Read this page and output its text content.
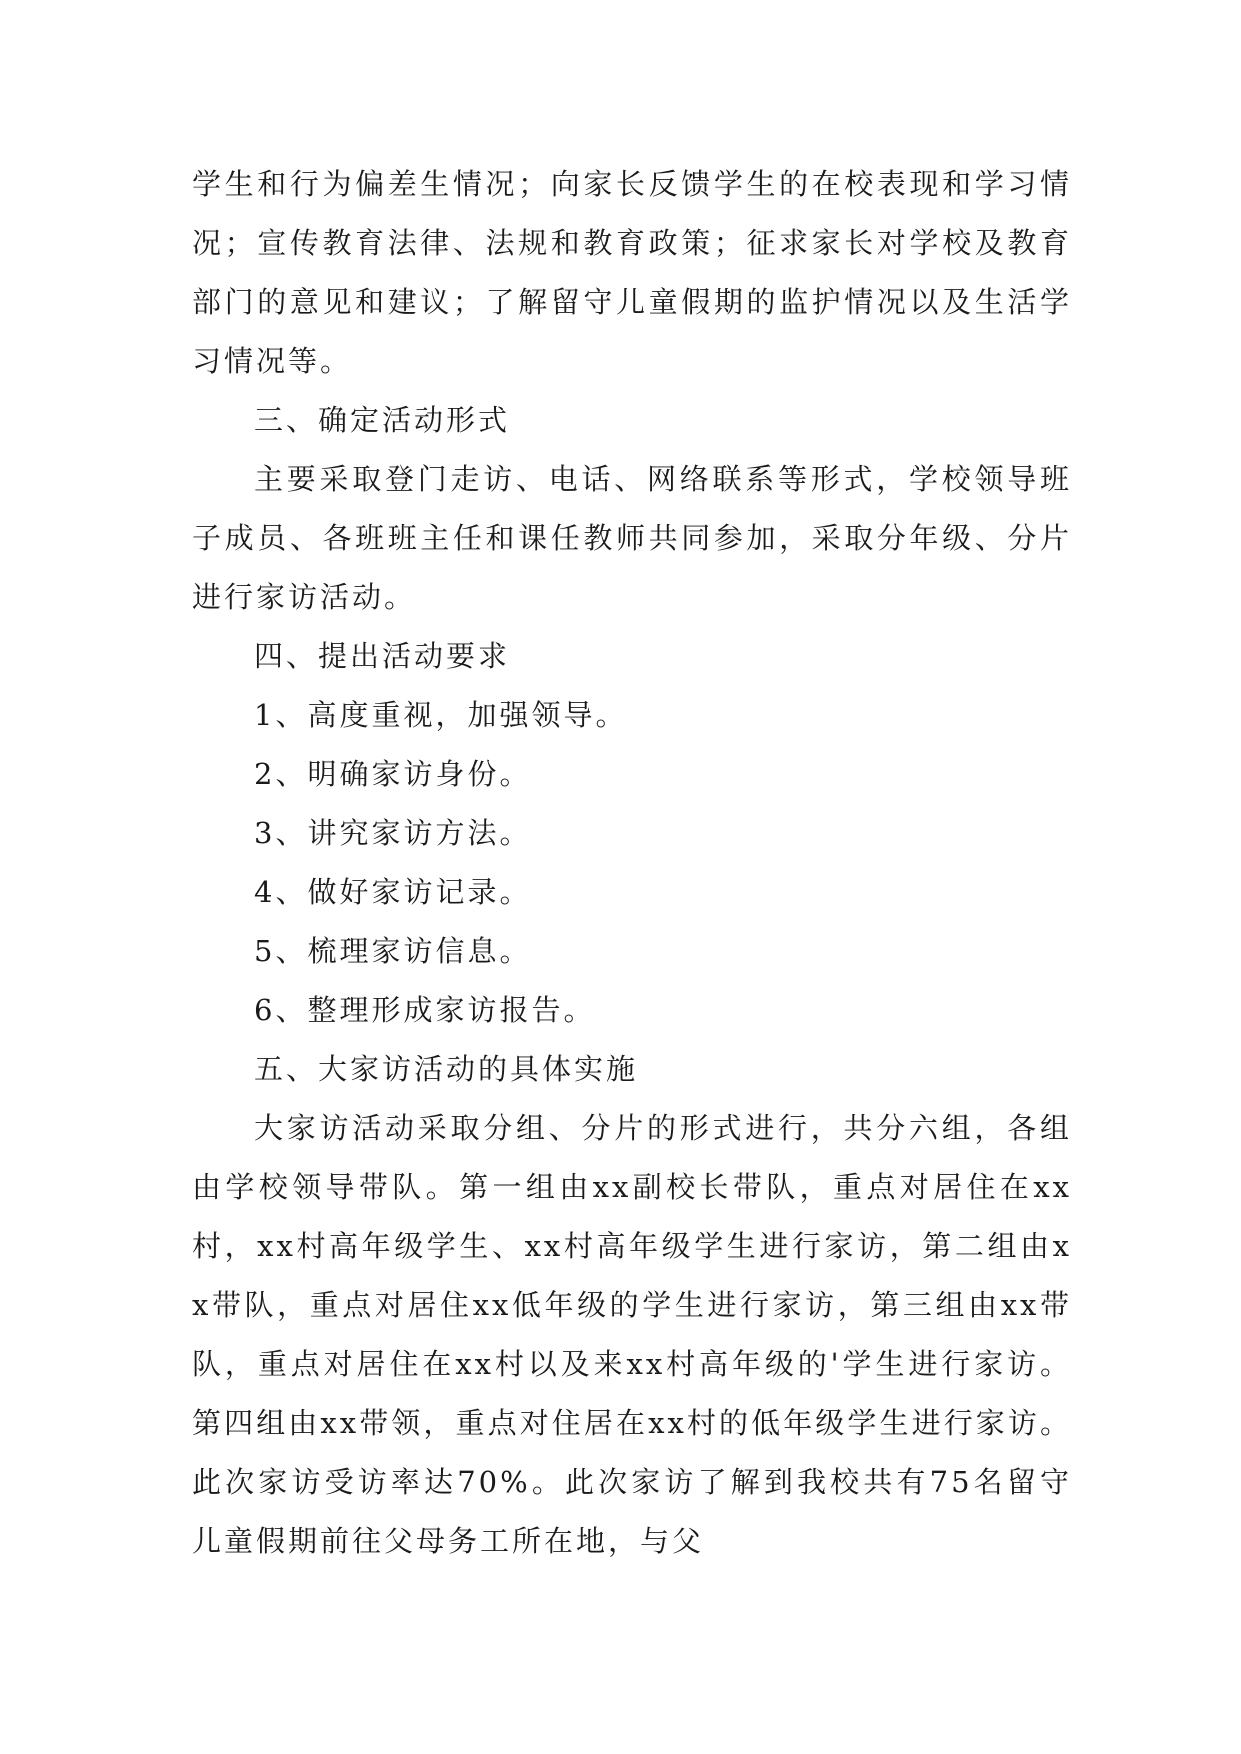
学生和行为偏差生情况；向家长反馈学生的在校表现和学习情况；宣传教育法律、法规和教育政策；征求家长对学校及教育部门的意见和建议；了解留守儿童假期的监护情况以及生活学习情况等。

三、确定活动形式

主要采取登门走访、电话、网络联系等形式，学校领导班子成员、各班班主任和课任教师共同参加，采取分年级、分片进行家访活动。

四、提出活动要求

1、高度重视，加强领导。

2、明确家访身份。

3、讲究家访方法。

4、做好家访记录。

5、梳理家访信息。

6、整理形成家访报告。

五、大家访活动的具体实施

大家访活动采取分组、分片的形式进行，共分六组，各组由学校领导带队。第一组由xx副校长带队，重点对居住在xx村，xx村高年级学生、xx村高年级学生进行家访，第二组由xx带队，重点对居住xx低年级的学生进行家访，第三组由xx带队，重点对居住在xx村以及来xx村高年级的'学生进行家访。第四组由xx带领，重点对住居在xx村的低年级学生进行家访。此次家访受访率达70%。此次家访了解到我校共有75名留守儿童假期前往父母务工所在地，与父
